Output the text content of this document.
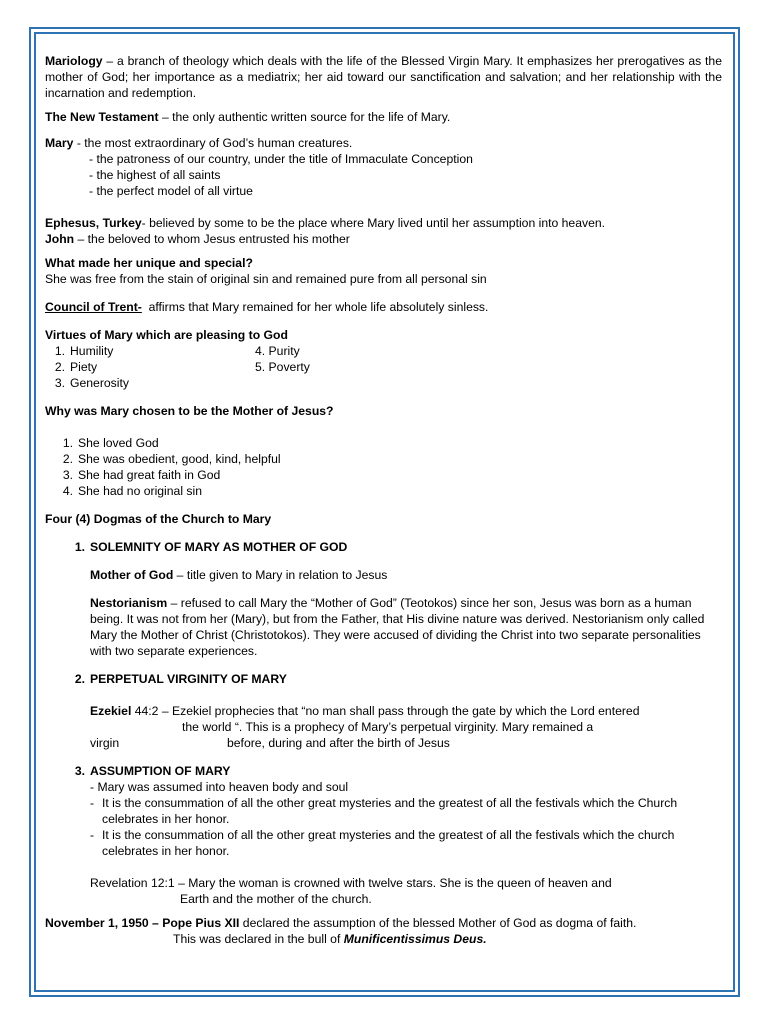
Mariology – a branch of theology which deals with the life of the Blessed Virgin Mary. It emphasizes her prerogatives as the mother of God; her importance as a mediatrix; her aid toward our sanctification and salvation; and her relationship with the incarnation and redemption.

The New Testament – the only authentic written source for the life of Mary.

Mary - the most extraordinary of God’s human creatures.

- the patroness of our country, under the title of Immaculate Conception

- the highest of all saints

- the perfect model of all virtue

Ephesus, Turkey- believed by some to be the place where Mary lived until her assumption into heaven.

John – the beloved to whom Jesus entrusted his mother

What made her unique and special?

She was free from the stain of original sin and remained pure from all personal sin

Council of Trent-  affirms that Mary remained for her whole life absolutely sinless.

Virtues of Mary which are pleasing to God

1. Humility	4. Purity
2. Piety	5. Poverty
3. Generosity

Why was Mary chosen to be the Mother of Jesus?

1. She loved God
2. She was obedient, good, kind, helpful
3. She had great faith in God
4. She had no original sin

Four (4) Dogmas of the Church to Mary

1. SOLEMNITY OF MARY AS MOTHER OF GOD

Mother of God – title given to Mary in relation to Jesus

Nestorianism – refused to call Mary the “Mother of God” (Teotokos) since her son, Jesus was born as a human being. It was not from her (Mary), but from the Father, that His divine nature was derived. Nestorianism only called Mary the Mother of Christ (Christotokos). They were accused of dividing the Christ into two separate personalities with two separate experiences.

2. PERPETUAL VIRGINITY OF MARY

Ezekiel 44:2 – Ezekiel prophecies that “no man shall pass through the gate by which the Lord entered

the world “. This is a prophecy of Mary’s perpetual virginity. Mary remained a

virgin	before, during and after the birth of Jesus

3. ASSUMPTION OF MARY

- Mary was assumed into heaven body and soul

- It is the consummation of all the other great mysteries and the greatest of all the festivals which the Church celebrates in her honor.
- It is the consummation of all the other great mysteries and the greatest of all the festivals which the church celebrates in her honor.

Revelation 12:1 – Mary the woman is crowned with twelve stars. She is the queen of heaven and

Earth and the mother of the church.

November 1, 1950 – Pope Pius XII declared the assumption of the blessed Mother of God as dogma of faith.

This was declared in the bull of Munificentissimus Deus.
